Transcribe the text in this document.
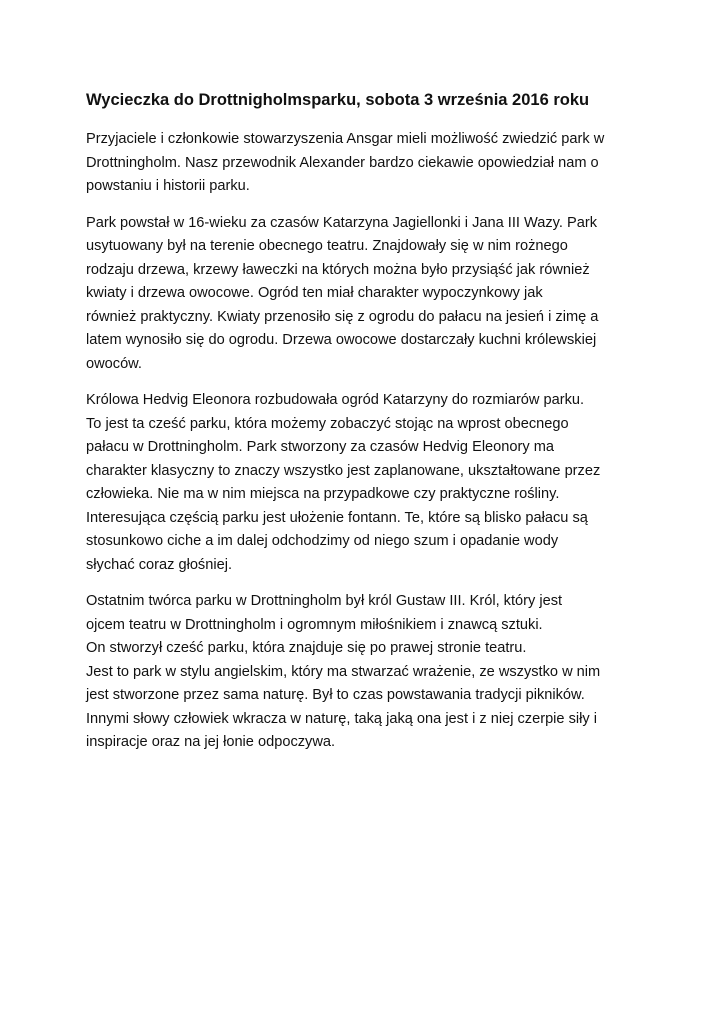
Wycieczka do Drottnigholmsparku, sobota 3 września 2016 roku
Przyjaciele i członkowie stowarzyszenia Ansgar mieli możliwość zwiedzić park w
Drottningholm. Nasz przewodnik Alexander bardzo ciekawie opowiedział nam o
powstaniu i historii parku.
Park powstał w 16-wieku za czasów Katarzyna Jagiellonki i Jana III Wazy. Park
usytuowany był na terenie obecnego teatru. Znajdowały się w nim rożnego
rodzaju drzewa, krzewy ławeczki na których można było przysiąść jak również
kwiaty i drzewa owocowe. Ogród ten miał charakter wypoczynkowy jak
również praktyczny. Kwiaty przenosiło się z ogrodu do pałacu na jesień i zimę a
latem wynosiło się do ogrodu. Drzewa owocowe dostarczały kuchni królewskiej
owoców.
Królowa Hedvig Eleonora rozbudowała ogród Katarzyny do rozmiarów parku.
To jest ta cześć parku, która możemy zobaczyć stojąc na wprost obecnego
pałacu w Drottningholm. Park stworzony za czasów Hedvig Eleonory ma
charakter klasyczny to znaczy wszystko jest zaplanowane, ukształtowane przez
człowieka. Nie ma w nim miejsca na przypadkowe czy praktyczne rośliny.
Interesująca częścią parku jest ułożenie fontann. Te, które są blisko pałacu są
stosunkowo ciche a im dalej odchodzimy od niego szum i opadanie wody
słychać coraz głośniej.
Ostatnim twórca parku w Drottningholm był król Gustaw III. Król, który jest
ojcem teatru w Drottningholm i ogromnym miłośnikiem i znawcą sztuki.
On stworzył cześć parku, która znajduje się po prawej stronie teatru.
Jest to park w stylu angielskim, który ma stwarzać wrażenie, ze wszystko w nim
jest stworzone przez sama naturę. Był to czas powstawania tradycji pikników.
Innymi słowy człowiek wkracza w naturę, taką jaką ona jest i z niej czerpie siły i
inspiracje oraz na jej łonie odpoczywa.
